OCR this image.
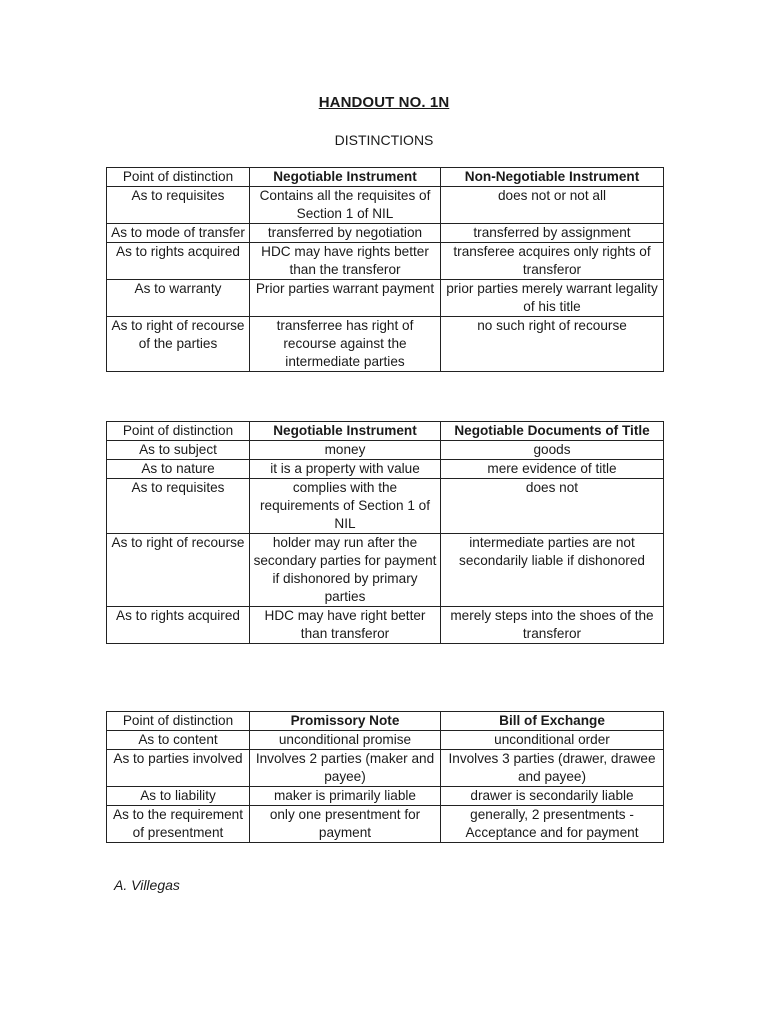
HANDOUT NO. 1N
DISTINCTIONS
Point of distinction	Negotiable Instrument	Non-Negotiable Instrument
As to requisites	Contains all the requisites of Section 1 of NIL	does not or not all
As to mode of transfer	transferred by negotiation	transferred by assignment
As to rights acquired	HDC may have rights better than the transferor	transferee acquires only rights of transferor
As to warranty	Prior parties warrant payment	prior parties merely warrant legality of his title
As to right of recourse of the parties	transferree has right of recourse against the intermediate parties	no such right of recourse
Point of distinction	Negotiable Instrument	Negotiable Documents of Title
As to subject	money	goods
As to nature	it is a property with value	mere evidence of title
As to requisites	complies with the requirements of Section 1 of NIL	does not
As to right of recourse	holder may run after the secondary parties for payment if dishonored by primary parties	intermediate parties are not secondarily liable if dishonored
As to rights acquired	HDC may have right better than transferor	merely steps into the shoes of the transferor
Point of distinction	Promissory Note	Bill of Exchange
As to content	unconditional promise	unconditional order
As to parties involved	Involves 2 parties (maker and payee)	Involves 3 parties (drawer, drawee and payee)
As to liability	maker is primarily liable	drawer is secondarily liable
As to the requirement of presentment	only one presentment for payment	generally, 2 presentments - Acceptance and for payment
A. Villegas
